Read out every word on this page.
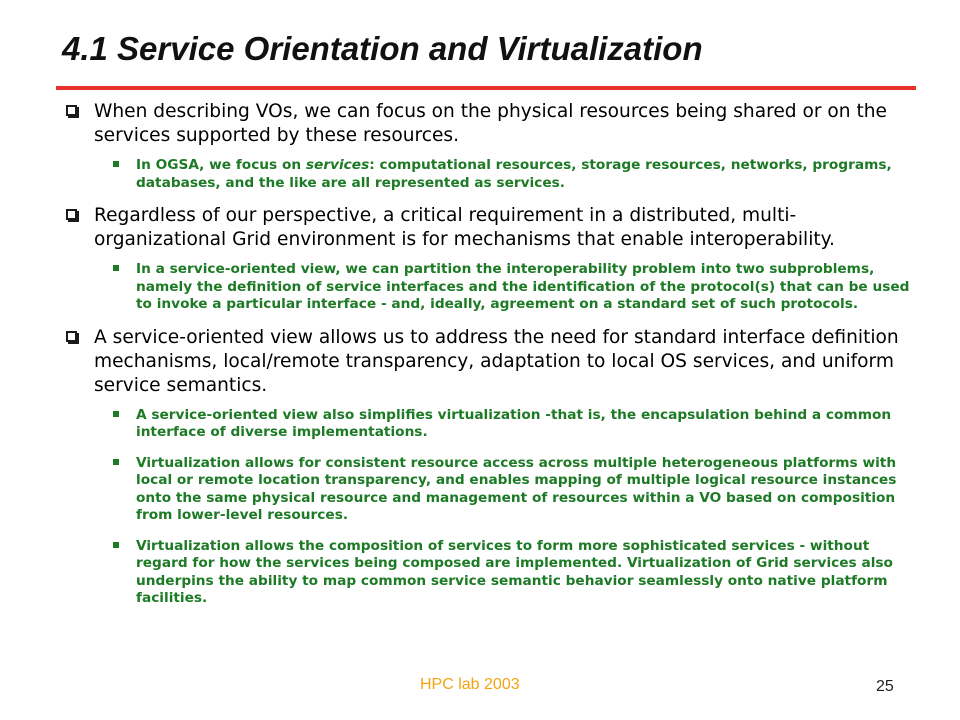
4.1 Service Orientation and Virtualization
When describing VOs, we can focus on the physical resources being shared or on the services supported by these resources.
In OGSA, we focus on services: computational resources, storage resources, networks, programs, databases, and the like are all represented as services.
Regardless of our perspective, a critical requirement in a distributed, multi-organizational Grid environment is for mechanisms that enable interoperability.
In a service-oriented view, we can partition the interoperability problem into two subproblems, namely the definition of service interfaces and the identification of the protocol(s) that can be used to invoke a particular interface - and, ideally, agreement on a standard set of such protocols.
A service-oriented view allows us to address the need for standard interface definition mechanisms, local/remote transparency, adaptation to local OS services, and uniform service semantics.
A service-oriented view also simplifies virtualization -that is, the encapsulation behind a common interface of diverse implementations.
Virtualization allows for consistent resource access across multiple heterogeneous platforms with local or remote location transparency, and enables mapping of multiple logical resource instances onto the same physical resource and management of resources within a VO based on composition from lower-level resources.
Virtualization allows the composition of services to form more sophisticated services - without regard for how the services being composed are implemented. Virtualization of Grid services also underpins the ability to map common service semantic behavior seamlessly onto native platform facilities.
HPC lab 2003	25
